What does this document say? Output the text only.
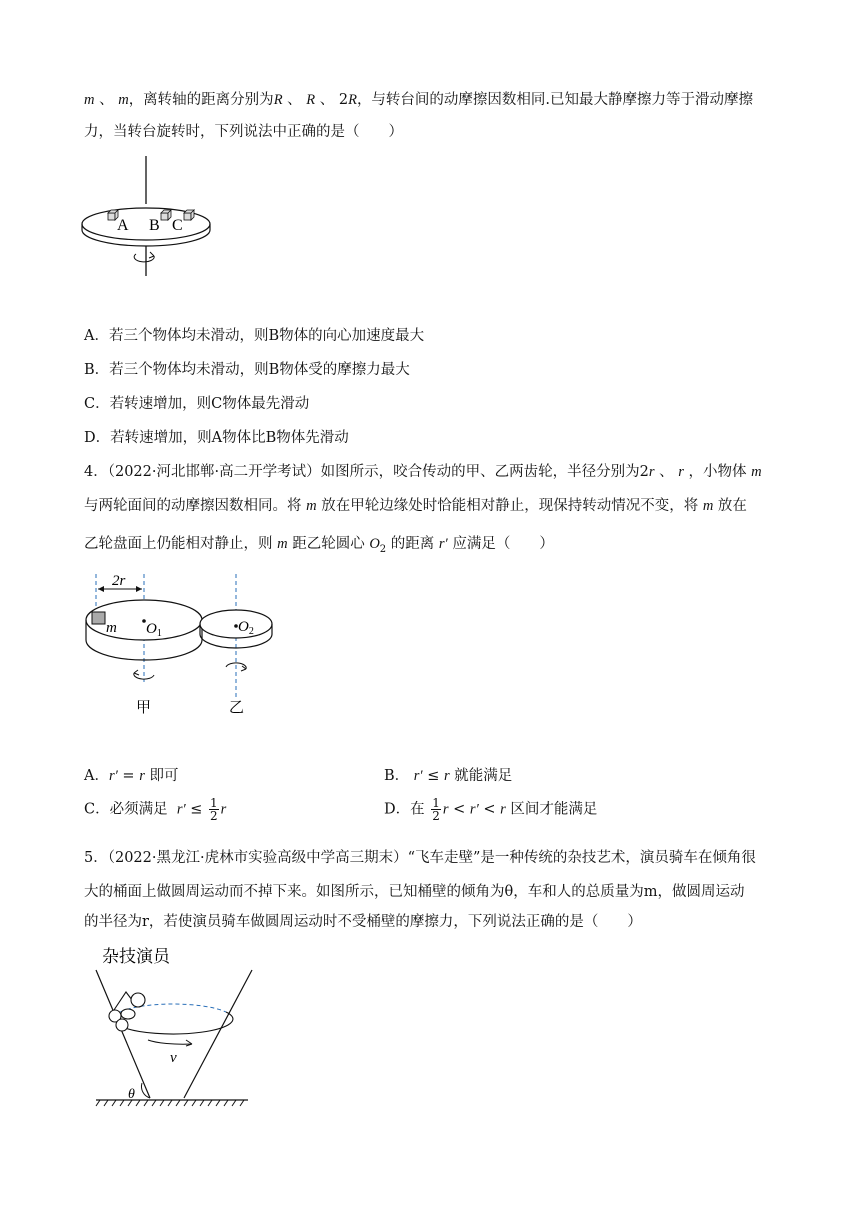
m 、 m，离转轴的距离分别为R 、 R 、 2R，与转台间的动摩擦因数相同.已知最大静摩擦力等于滑动摩擦
力，当转台旋转时，下列说法中正确的是（　　）
A B C
A．若三个物体均未滑动，则B物体的向心加速度最大
B．若三个物体均未滑动，则B物体受的摩擦力最大
C．若转速增加，则C物体最先滑动
D．若转速增加，则A物体比B物体先滑动
4．（2022·河北邯郸·高二开学考试）如图所示，咬合传动的甲、乙两齿轮，半径分别为2r 、 r ，小物体 m
与两轮面间的动摩擦因数相同。将 m 放在甲轮边缘处时恰能相对静止，现保持转动情况不变，将 m 放在
乙轮盘面上仍能相对静止，则 m 距乙轮圆心 $O_2$ 的距离 r′ 应满足（　　）
2r
m $O_1$	$O_2$
甲	乙
A．r′ = r 即可	B． r′ ≤ r 就能满足
C．必须满足 $r' \le \frac{1}{2}$ r	D．在 $\frac{1}{2}$ r < r′ < r 区间才能满足
5．（2022·黑龙江·虎林市实验高级中学高三期末）“飞车走壁”是一种传统的杂技艺术，演员骑车在倾角很
大的桶面上做圆周运动而不掉下来。如图所示，已知桶壁的倾角为θ，车和人的总质量为m，做圆周运动
的半径为r，若使演员骑车做圆周运动时不受桶壁的摩擦力，下列说法正确的是（　　）
杂技演员
v
θ
